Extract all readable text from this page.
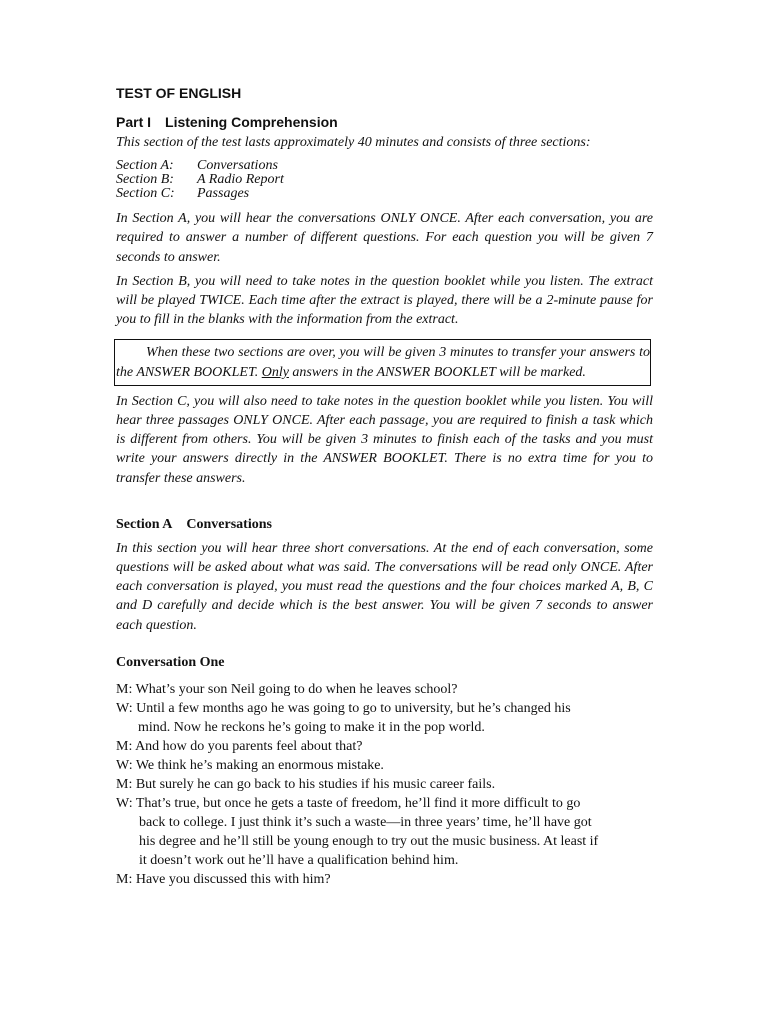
TEST OF ENGLISH
Part I Listening Comprehension

This section of the test lasts approximately 40 minutes and consists of three sections:

Section A:	Conversations
Section B:	A Radio Report
Section C:	Passages

In Section A, you will hear the conversations ONLY ONCE. After each conversation, you are required to answer a number of different questions. For each question you will be given 7 seconds to answer.

In Section B, you will need to take notes in the question booklet while you listen. The extract will be played TWICE. Each time after the extract is played, there will be a 2-minute pause for you to fill in the blanks with the information from the extract.

When these two sections are over, you will be given 3 minutes to transfer your answers to the ANSWER BOOKLET. Only answers in the ANSWER BOOKLET will be marked.

In Section C, you will also need to take notes in the question booklet while you listen. You will hear three passages ONLY ONCE. After each passage, you are required to finish a task which is different from others. You will be given 3 minutes to finish each of the tasks and you must write your answers directly in the ANSWER BOOKLET. There is no extra time for you to transfer these answers.

Section A Conversations

In this section you will hear three short conversations. At the end of each conversation, some questions will be asked about what was said. The conversations will be read only ONCE. After each conversation is played, you must read the questions and the four choices marked A, B, C and D carefully and decide which is the best answer. You will be given 7 seconds to answer each question.

Conversation One

M: What’s your son Neil going to do when he leaves school?

W: Until a few months ago he was going to go to university, but he’s changed his

mind. Now he reckons he’s going to make it in the pop world.

M: And how do you parents feel about that?

W: We think he’s making an enormous mistake.

M: But surely he can go back to his studies if his music career fails.

W: That’s true, but once he gets a taste of freedom, he’ll find it more difficult to go

back to college. I just think it’s such a waste—in three years’ time, he’ll have got

his degree and he’ll still be young enough to try out the music business. At least if

it doesn’t work out he’ll have a qualification behind him.

M: Have you discussed this with him?
